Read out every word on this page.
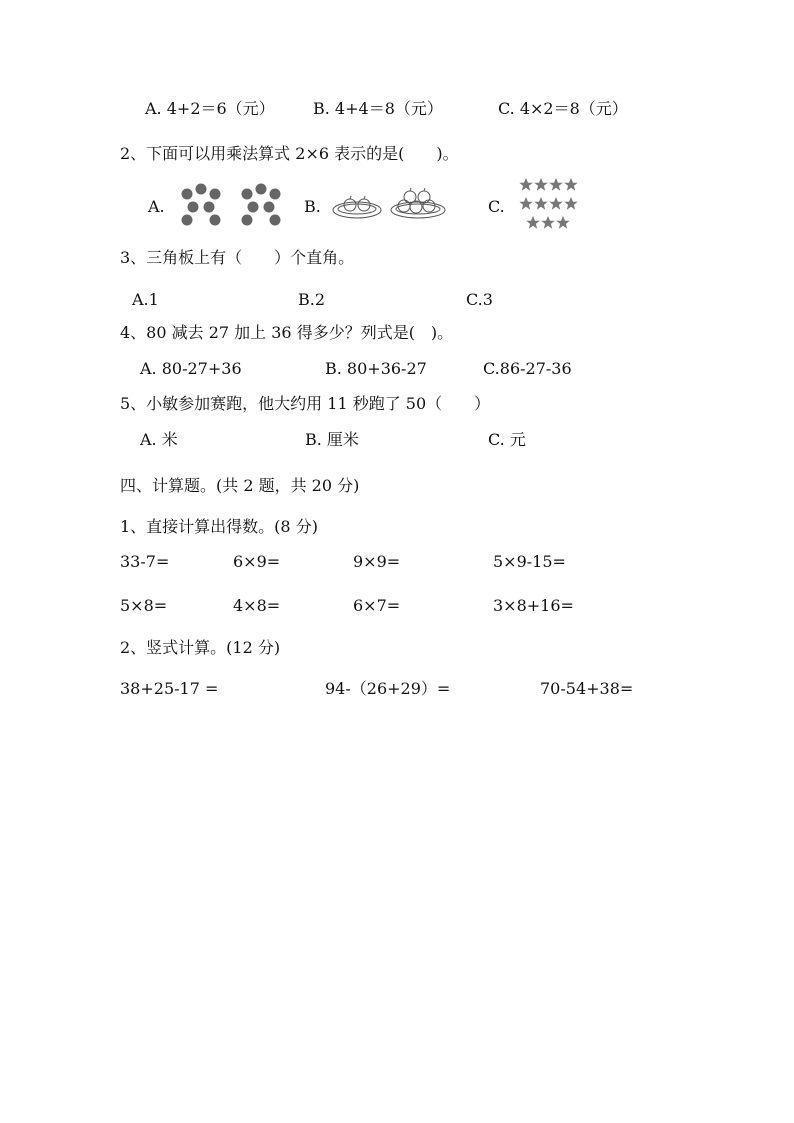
A. 4+2＝6（元） B. 4+4＝8（元）	C. 4×2＝8（元）
2、下面可以用乘法算式 2×6 表示的是(　　)。
A.	B.	C.
3、三角板上有（　　）个直角。
A.1	B.2	C.3
4、80 减去 27 加上 36 得多少？列式是(　)。
A. 80-27+36	B. 80+36-27	C.86-27-36
5、小敏参加赛跑，他大约用 11 秒跑了 50（　　）
A. 米	B. 厘米	C. 元
四、计算题。(共 2 题，共 20 分)
1、直接计算出得数。(8 分)
33-7=	6×9=	9×9=	5×9-15=
5×8=	4×8=	6×7=	3×8+16=
2、竖式计算。(12 分)
38+25-17 =	94-（26+29）=	70-54+38=
